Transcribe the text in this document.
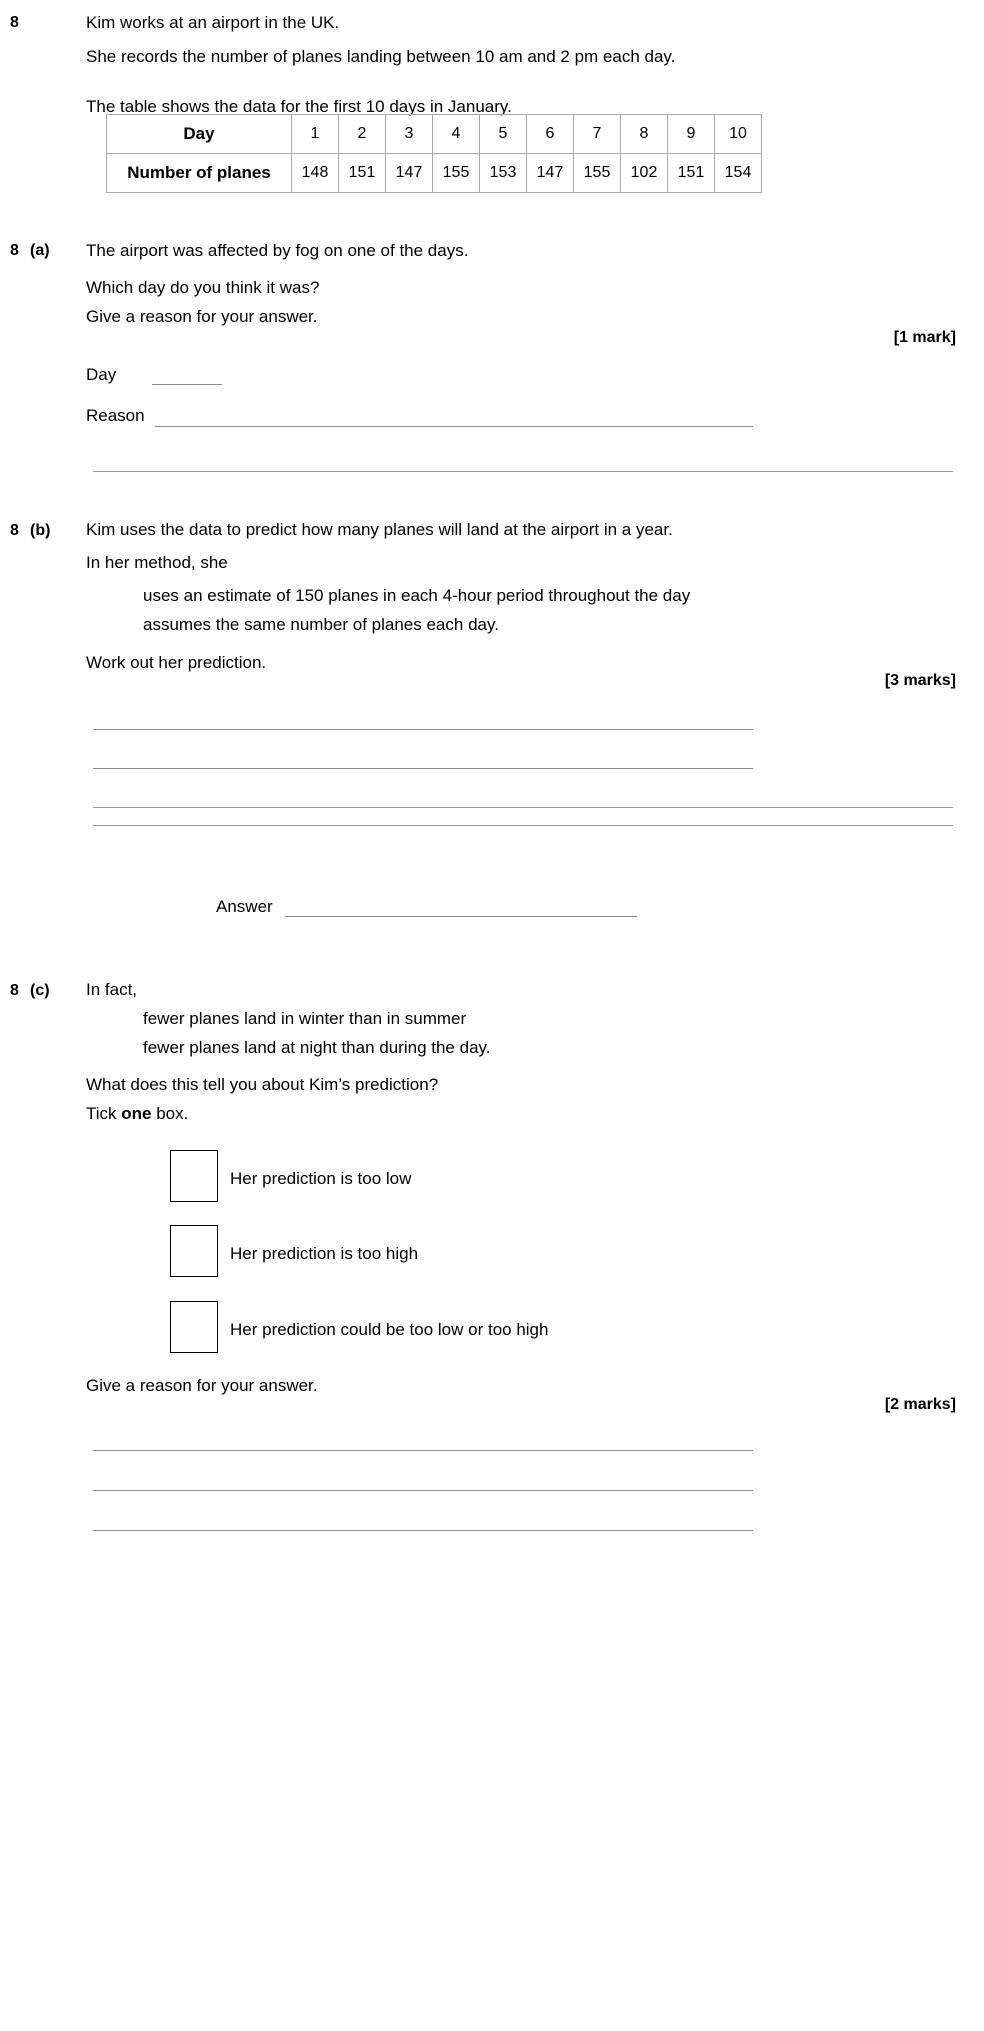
8	Kim works at an airport in the UK.
She records the number of planes landing between 10 am and 2 pm each day.
The table shows the data for the first 10 days in January.
Day	1	2	3	4	5	6	7	8	9	10
Number of planes	148	151	147	155	153	147	155	102	151	154
8 (a) The airport was affected by fog on one of the days.
Which day do you think it was?
Give a reason for your answer.
[1 mark]
Day
Reason
8 (b) Kim uses the data to predict how many planes will land at the airport in a year.
In her method, she
uses an estimate of 150 planes in each 4-hour period throughout the day
assumes the same number of planes each day.
Work out her prediction.
[3 marks]
Answer
8 (c) In fact,
fewer planes land in winter than in summer
fewer planes land at night than during the day.
What does this tell you about Kim’s prediction?
Tick one box.
Her prediction is too low
Her prediction is too high
Her prediction could be too low or too high
Give a reason for your answer.
[2 marks]
